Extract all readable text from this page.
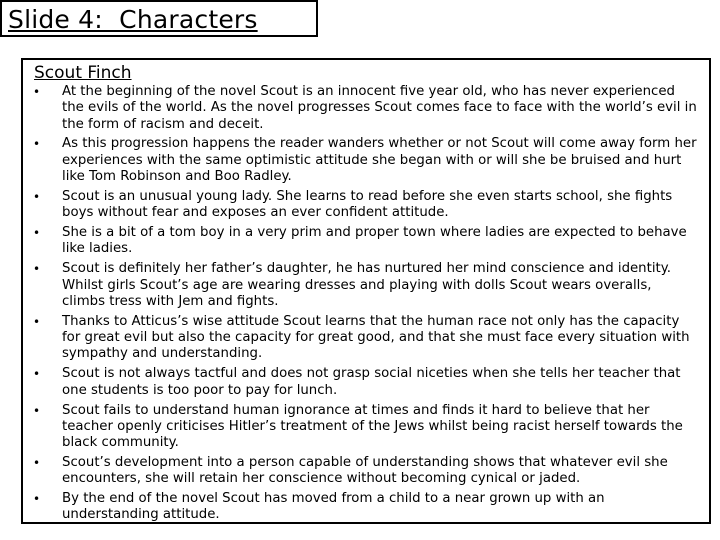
Slide 4:  Characters
Scout Finch
• At the beginning of the novel Scout is an innocent five year old, who has never experienced the evils of the world. As the novel progresses Scout comes face to face with the world’s evil in the form of racism and deceit.
• As this progression happens the reader wanders whether or not Scout will come away form her experiences with the same optimistic attitude she began with or will she be bruised and hurt like Tom Robinson and Boo Radley.
• Scout is an unusual young lady. She learns to read before she even starts school, she fights boys without fear and exposes an ever confident attitude.
• She is a bit of a tom boy in a very prim and proper town where ladies are expected to behave like ladies.
• Scout is definitely her father’s daughter, he has nurtured her mind conscience and identity. Whilst girls Scout’s age are wearing dresses and playing with dolls Scout wears overalls, climbs tress with Jem and fights.
• Thanks to Atticus’s wise attitude Scout learns that the human race not only has the capacity for great evil but also the capacity for great good, and that she must face every situation with sympathy and understanding.
• Scout is not always tactful and does not grasp social niceties when she tells her teacher that one students is too poor to pay for lunch.
• Scout fails to understand human ignorance at times and finds it hard to believe that her teacher openly criticises Hitler’s treatment of the Jews whilst being racist herself towards the black community.
• Scout’s development into a person capable of understanding shows that whatever evil she encounters, she will retain her conscience without becoming cynical or jaded.
• By the end of the novel Scout has moved from a child to a near grown up with an understanding attitude.
